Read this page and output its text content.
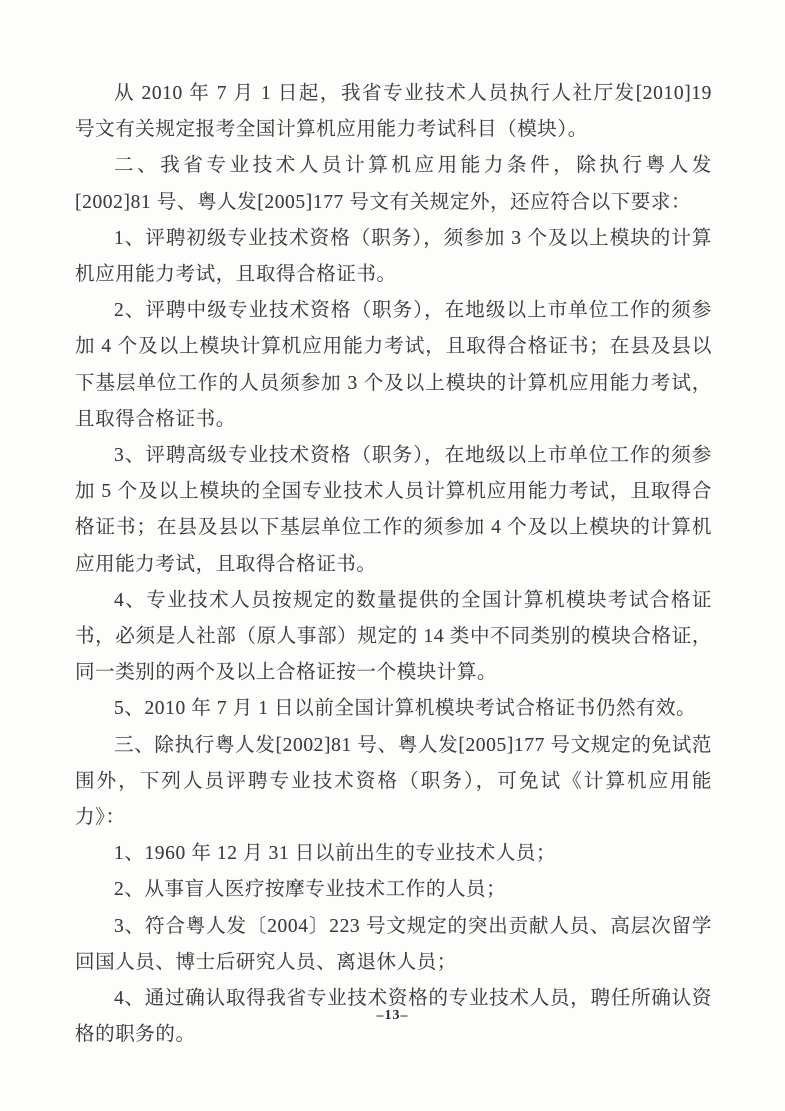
从 2010 年 7 月 1 日起，我省专业技术人员执行人社厅发[2010]19 号文有关规定报考全国计算机应用能力考试科目（模块）。

二、我省专业技术人员计算机应用能力条件，除执行粤人发[2002]81 号、粤人发[2005]177 号文有关规定外，还应符合以下要求：

1、评聘初级专业技术资格（职务），须参加 3 个及以上模块的计算机应用能力考试，且取得合格证书。

2、评聘中级专业技术资格（职务），在地级以上市单位工作的须参加 4 个及以上模块计算机应用能力考试，且取得合格证书；在县及县以下基层单位工作的人员须参加 3 个及以上模块的计算机应用能力考试，且取得合格证书。

3、评聘高级专业技术资格（职务），在地级以上市单位工作的须参加 5 个及以上模块的全国专业技术人员计算机应用能力考试，且取得合格证书；在县及县以下基层单位工作的须参加 4 个及以上模块的计算机应用能力考试，且取得合格证书。

4、专业技术人员按规定的数量提供的全国计算机模块考试合格证书，必须是人社部（原人事部）规定的 14 类中不同类别的模块合格证，同一类别的两个及以上合格证按一个模块计算。

5、2010 年 7 月 1 日以前全国计算机模块考试合格证书仍然有效。

三、除执行粤人发[2002]81 号、粤人发[2005]177 号文规定的免试范围外，下列人员评聘专业技术资格（职务），可免试《计算机应用能力》：

1、1960 年 12 月 31 日以前出生的专业技术人员；

2、从事盲人医疗按摩专业技术工作的人员；

3、符合粤人发〔2004〕223 号文规定的突出贡献人员、高层次留学回国人员、博士后研究人员、离退休人员；

4、通过确认取得我省专业技术资格的专业技术人员，聘任所确认资格的职务的。

–13–
